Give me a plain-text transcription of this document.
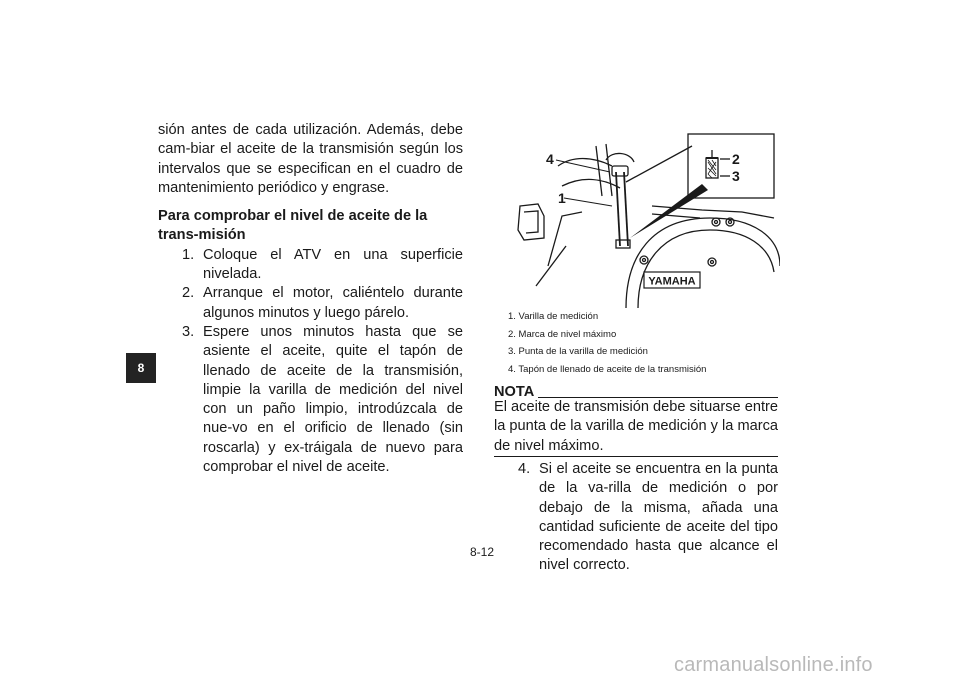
sión antes de cada utilización. Además, debe cam-biar el aceite de la transmisión según los intervalos que se especifican en el cuadro de mantenimiento periódico y engrase.

Para comprobar el nivel de aceite de la trans-misión
1. Coloque el ATV en una superficie nivelada.
2. Arranque el motor, caliéntelo durante algunos minutos y luego párelo.
3. Espere unos minutos hasta que se asiente el aceite, quite el tapón de llenado de aceite de la transmisión, limpie la varilla de medición del nivel con un paño limpio, introdúzcala de nue-vo en el orificio de llenado (sin roscarla) y ex-tráigala de nuevo para comprobar el nivel de aceite.
8
YAMAHA
4
1
2
3
1. Varilla de medición
2. Marca de nivel máximo
3. Punta de la varilla de medición
4. Tapón de llenado de aceite de la transmisión
NOTA
El aceite de transmisión debe situarse entre la punta de la varilla de medición y la marca de nivel máximo.
4. Si el aceite se encuentra en la punta de la va-rilla de medición o por debajo de la misma, añada una cantidad suficiente de aceite del tipo recomendado hasta que alcance el nivel correcto.
8-12
carmanualsonline.info
